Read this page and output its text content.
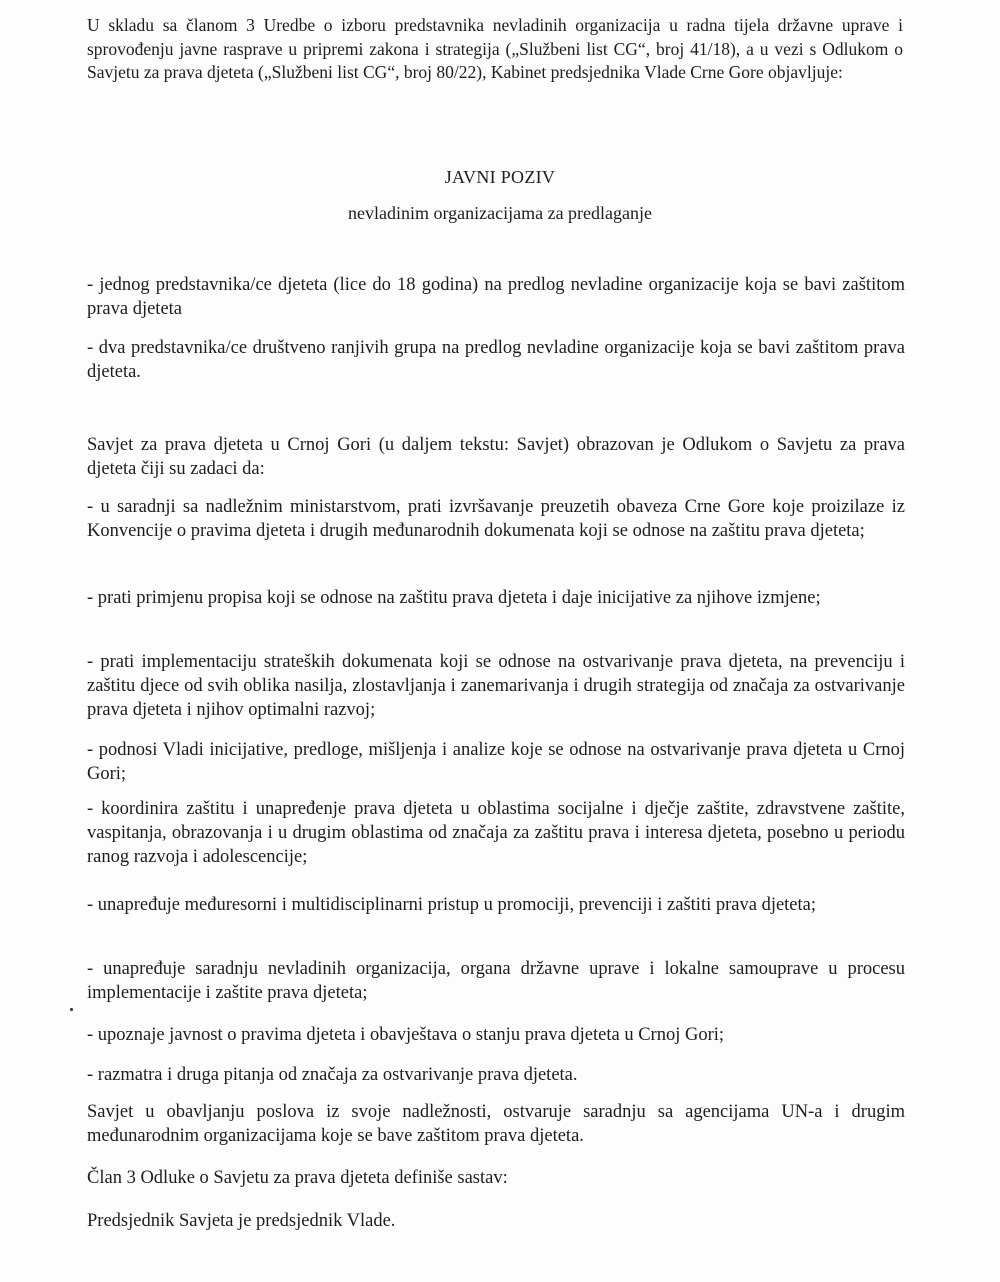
U skladu sa članom 3 Uredbe o izboru predstavnika nevladinih organizacija u radna tijela državne uprave i sprovođenju javne rasprave u pripremi zakona i strategija („Službeni list CG“, broj 41/18), a u vezi s Odlukom o Savjetu za prava djeteta („Službeni list CG“, broj 80/22), Kabinet predsjednika Vlade Crne Gore objavljuje:

JAVNI POZIV

nevladinim organizacijama za predlaganje

- jednog predstavnika/ce djeteta (lice do 18 godina) na predlog nevladine organizacije koja se bavi zaštitom prava djeteta

- dva predstavnika/ce društveno ranjivih grupa na predlog nevladine organizacije koja se bavi zaštitom prava djeteta.

Savjet za prava djeteta u Crnoj Gori (u daljem tekstu: Savjet) obrazovan je Odlukom o Savjetu za prava djeteta čiji su zadaci da:

- u saradnji sa nadležnim ministarstvom, prati izvršavanje preuzetih obaveza Crne Gore koje proizilaze iz Konvencije o pravima djeteta i drugih međunarodnih dokumenata koji se odnose na zaštitu prava djeteta;

- prati primjenu propisa koji se odnose na zaštitu prava djeteta i daje inicijative za njihove izmjene;

- prati implementaciju strateških dokumenata koji se odnose na ostvarivanje prava djeteta, na prevenciju i zaštitu djece od svih oblika nasilja, zlostavljanja i zanemarivanja i drugih strategija od značaja za ostvarivanje prava djeteta i njihov optimalni razvoj;

- podnosi Vladi inicijative, predloge, mišljenja i analize koje se odnose na ostvarivanje prava djeteta u Crnoj Gori;

- koordinira zaštitu i unapređenje prava djeteta u oblastima socijalne i dječje zaštite, zdravstvene zaštite, vaspitanja, obrazovanja i u drugim oblastima od značaja za zaštitu prava i interesa djeteta, posebno u periodu ranog razvoja i adolescencije;

- unapređuje međuresorni i multidisciplinarni pristup u promociji, prevenciji i zaštiti prava djeteta;

- unapređuje saradnju nevladinih organizacija, organa državne uprave i lokalne samouprave u procesu implementacije i zaštite prava djeteta;

- upoznaje javnost o pravima djeteta i obavještava o stanju prava djeteta u Crnoj Gori;

- razmatra i druga pitanja od značaja za ostvarivanje prava djeteta.

Savjet u obavljanju poslova iz svoje nadležnosti, ostvaruje saradnju sa agencijama UN-a i drugim međunarodnim organizacijama koje se bave zaštitom prava djeteta.

Član 3 Odluke o Savjetu za prava djeteta definiše sastav:

Predsjednik Savjeta je predsjednik Vlade.
